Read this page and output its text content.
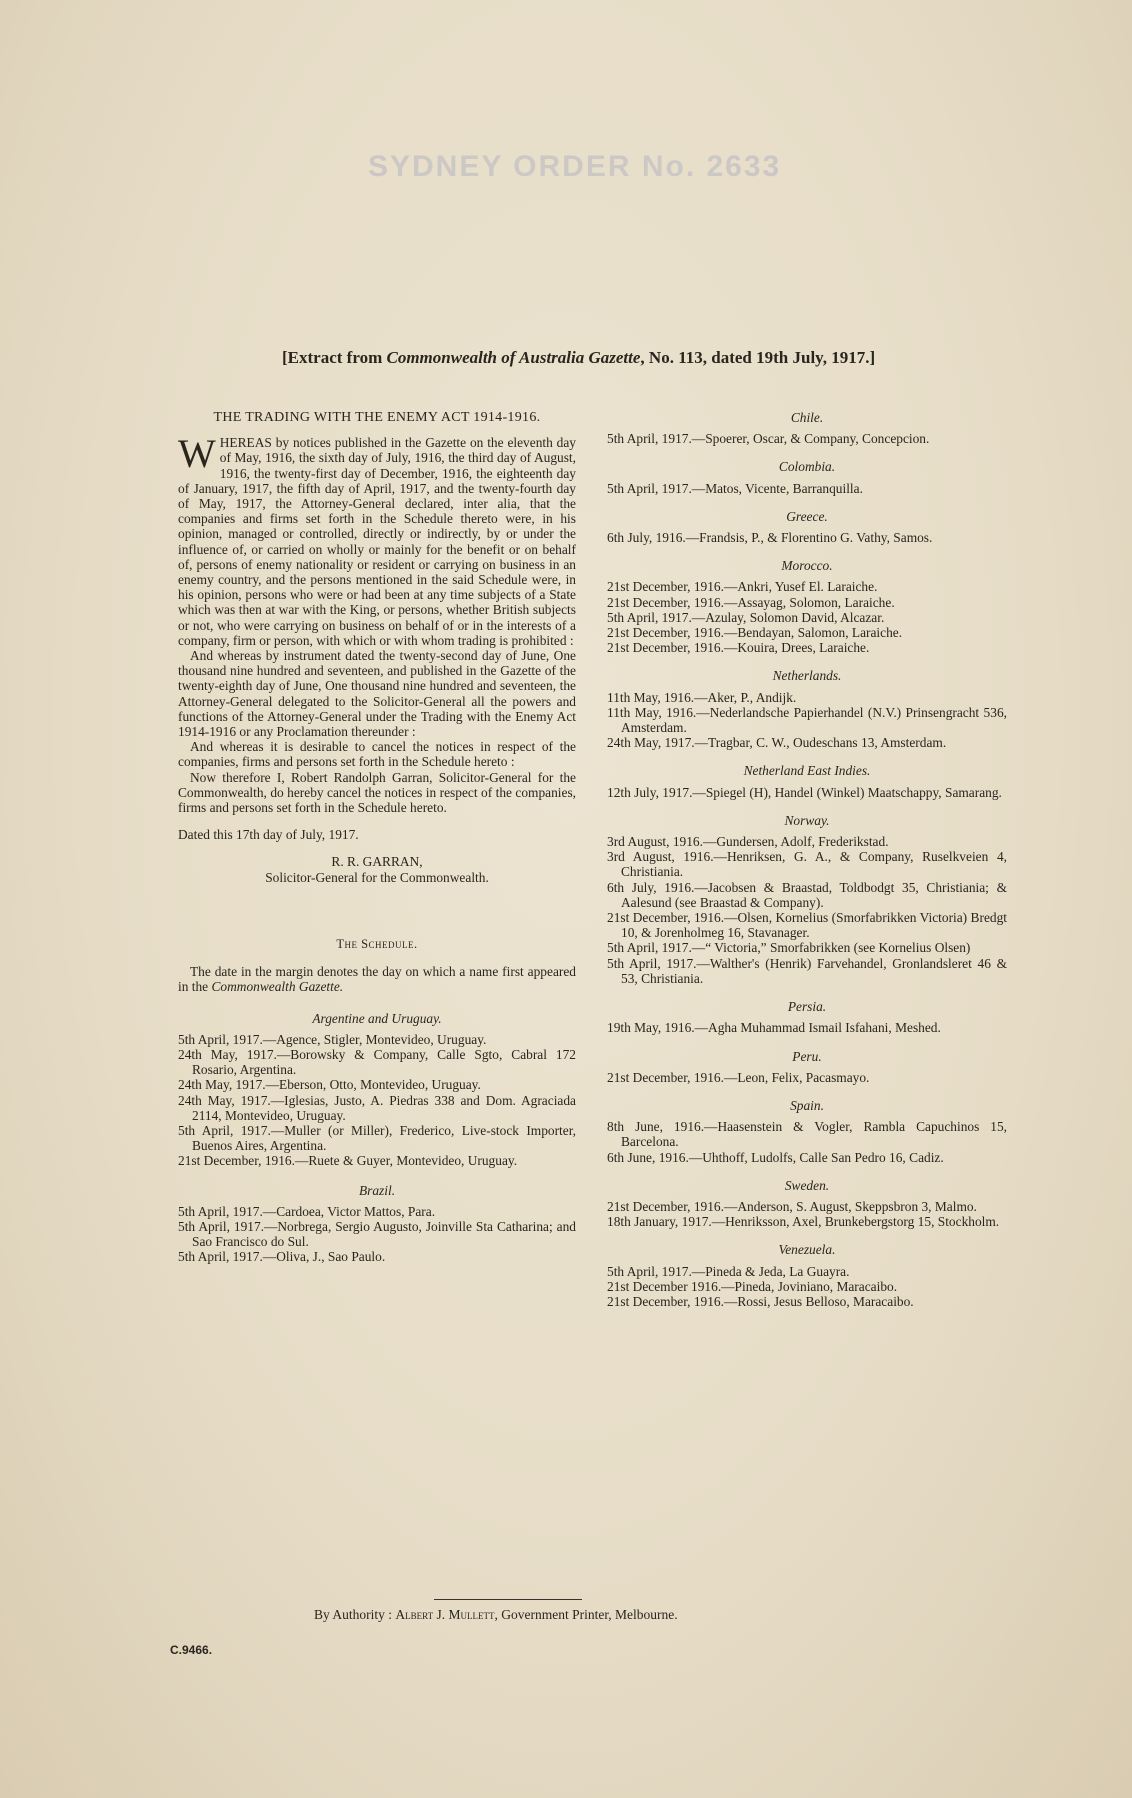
SYDNEY ORDER No. 2633
[Extract from Commonwealth of Australia Gazette, No. 113, dated 19th July, 1917.]
THE TRADING WITH THE ENEMY ACT 1914-1916.

WHEREAS by notices published in the Gazette on the eleventh day of May, 1916, the sixth day of July, 1916, the third day of August, 1916, the twenty-first day of December, 1916, the eighteenth day of January, 1917, the fifth day of April, 1917, and the twenty-fourth day of May, 1917, the Attorney-General declared, inter alia, that the companies and firms set forth in the Schedule thereto were, in his opinion, managed or controlled, directly or indirectly, by or under the influence of, or carried on wholly or mainly for the benefit or on behalf of, persons of enemy nationality or resident or carrying on business in an enemy country, and the persons mentioned in the said Schedule were, in his opinion, persons who were or had been at any time subjects of a State which was then at war with the King, or persons, whether British subjects or not, who were carrying on business on behalf of or in the interests of a company, firm or person, with which or with whom trading is prohibited :

And whereas by instrument dated the twenty-second day of June, One thousand nine hundred and seventeen, and published in the Gazette of the twenty-eighth day of June, One thousand nine hundred and seventeen, the Attorney-General delegated to the Solicitor-General all the powers and functions of the Attorney-General under the Trading with the Enemy Act 1914-1916 or any Proclamation thereunder :

And whereas it is desirable to cancel the notices in respect of the companies, firms and persons set forth in the Schedule hereto :

Now therefore I, Robert Randolph Garran, Solicitor-General for the Commonwealth, do hereby cancel the notices in respect of the companies, firms and persons set forth in the Schedule hereto.

Dated this 17th day of July, 1917.

R. R. GARRAN,

Solicitor-General for the Commonwealth.

The Schedule.

The date in the margin denotes the day on which a name first appeared in the Commonwealth Gazette.

Argentine and Uruguay.

5th April, 1917.—Agence, Stigler, Montevideo, Uruguay.

24th May, 1917.—Borowsky & Company, Calle Sgto, Cabral 172 Rosario, Argentina.

24th May, 1917.—Eberson, Otto, Montevideo, Uruguay.

24th May, 1917.—Iglesias, Justo, A. Piedras 338 and Dom. Agraciada 2114, Montevideo, Uruguay.

5th April, 1917.—Muller (or Miller), Frederico, Live-stock Importer, Buenos Aires, Argentina.

21st December, 1916.—Ruete & Guyer, Montevideo, Uruguay.

Brazil.

5th April, 1917.—Cardoea, Victor Mattos, Para.

5th April, 1917.—Norbrega, Sergio Augusto, Joinville Sta Catharina; and Sao Francisco do Sul.

5th April, 1917.—Oliva, J., Sao Paulo.

Chile.

5th April, 1917.—Spoerer, Oscar, & Company, Concepcion.

Colombia.

5th April, 1917.—Matos, Vicente, Barranquilla.

Greece.

6th July, 1916.—Frandsis, P., & Florentino G. Vathy, Samos.

Morocco.

21st December, 1916.—Ankri, Yusef El. Laraiche.

21st December, 1916.—Assayag, Solomon, Laraiche.

5th April, 1917.—Azulay, Solomon David, Alcazar.

21st December, 1916.—Bendayan, Salomon, Laraiche.

21st December, 1916.—Kouira, Drees, Laraiche.

Netherlands.

11th May, 1916.—Aker, P., Andijk.

11th May, 1916.—Nederlandsche Papierhandel (N.V.) Prinsengracht 536, Amsterdam.

24th May, 1917.—Tragbar, C. W., Oudeschans 13, Amsterdam.

Netherland East Indies.

12th July, 1917.—Spiegel (H), Handel (Winkel) Maatschappy, Samarang.

Norway.

3rd August, 1916.—Gundersen, Adolf, Frederikstad.

3rd August, 1916.—Henriksen, G. A., & Company, Ruselkveien 4, Christiania.

6th July, 1916.—Jacobsen & Braastad, Toldbodgt 35, Christiania; & Aalesund (see Braastad & Company).

21st December, 1916.—Olsen, Kornelius (Smorfabrikken Victoria) Bredgt 10, & Jorenholmeg 16, Stavanager.

5th April, 1917.—“ Victoria,” Smorfabrikken (see Kornelius Olsen)

5th April, 1917.—Walther's (Henrik) Farvehandel, Gronlandsleret 46 & 53, Christiania.

Persia.

19th May, 1916.—Agha Muhammad Ismail Isfahani, Meshed.

Peru.

21st December, 1916.—Leon, Felix, Pacasmayo.

Spain.

8th June, 1916.—Haasenstein & Vogler, Rambla Capuchinos 15, Barcelona.

6th June, 1916.—Uhthoff, Ludolfs, Calle San Pedro 16, Cadiz.

Sweden.

21st December, 1916.—Anderson, S. August, Skeppsbron 3, Malmo.

18th January, 1917.—Henriksson, Axel, Brunkebergstorg 15, Stockholm.

Venezuela.

5th April, 1917.—Pineda & Jeda, La Guayra.

21st December 1916.—Pineda, Joviniano, Maracaibo.

21st December, 1916.—Rossi, Jesus Belloso, Maracaibo.

By Authority : Albert J. Mullett, Government Printer, Melbourne.
C.9466.
